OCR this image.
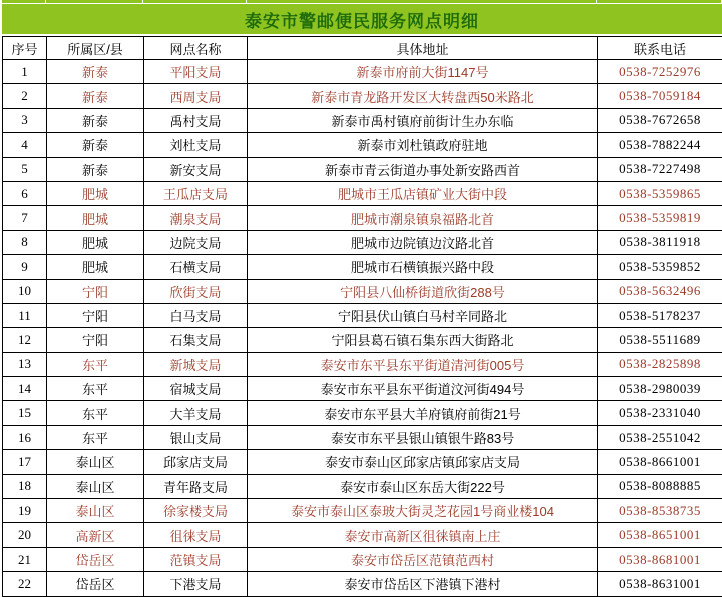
泰安市警邮便民服务网点明细
序号	所属区/县	网点名称	具体地址	联系电话
1	新泰	平阳支局	新泰市府前大街1147号	0538-7252976
2	新泰	西周支局	新泰市青龙路开发区大转盘西50米路北	0538-7059184
3	新泰	禹村支局	新泰市禹村镇府前街计生办东临	0538-7672658
4	新泰	刘杜支局	新泰市刘杜镇政府驻地	0538-7882244
5	新泰	新安支局	新泰市青云街道办事处新安路西首	0538-7227498
6	肥城	王瓜店支局	肥城市王瓜店镇矿业大街中段	0538-5359865
7	肥城	潮泉支局	肥城市潮泉镇泉福路北首	0538-5359819
8	肥城	边院支局	肥城市边院镇边汶路北首	0538-3811918
9	肥城	石横支局	肥城市石横镇振兴路中段	0538-5359852
10	宁阳	欣街支局	宁阳县八仙桥街道欣街288号	0538-5632496
11	宁阳	白马支局	宁阳县伏山镇白马村辛同路北	0538-5178237
12	宁阳	石集支局	宁阳县葛石镇石集东西大街路北	0538-5511689
13	东平	新城支局	泰安市东平县东平街道清河街005号	0538-2825898
14	东平	宿城支局	泰安市东平县东平街道汶河街494号	0538-2980039
15	东平	大羊支局	泰安市东平县大羊府镇府前街21号	0538-2331040
16	东平	银山支局	泰安市东平县银山镇银牛路83号	0538-2551042
17	泰山区	邱家店支局	泰安市泰山区邱家店镇邱家店支局	0538-8661001
18	泰山区	青年路支局	泰安市泰山区东岳大街222号	0538-8088885
19	泰山区	徐家楼支局	泰安市泰山区泰玻大街灵芝花园1号商业楼104	0538-8538735
20	高新区	徂徕支局	泰安市高新区徂徕镇南上庄	0538-8651001
21	岱岳区	范镇支局	泰安市岱岳区范镇范西村	0538-8681001
22	岱岳区	下港支局	泰安市岱岳区下港镇下港村	0538-8631001
